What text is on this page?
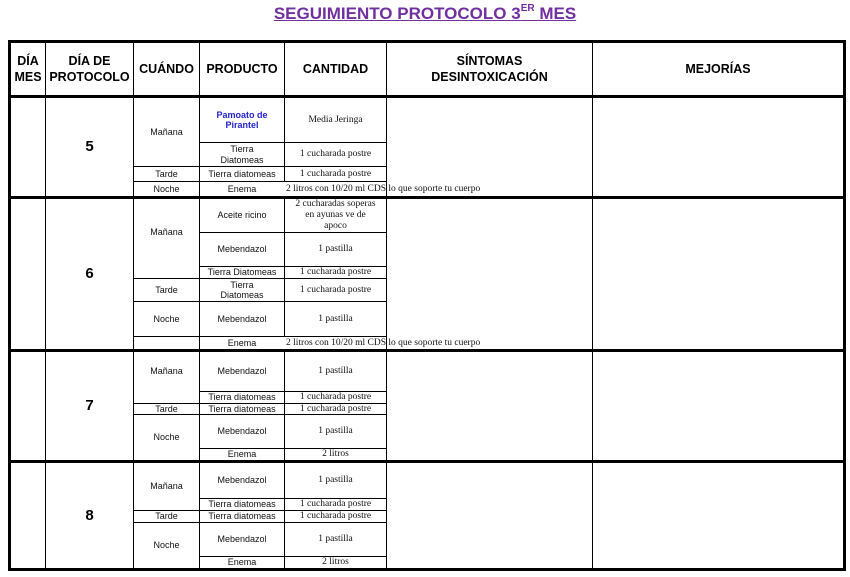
SEGUIMIENTO PROTOCOLO 3ER MES
DÍA MES
DÍA DE PROTOCOLO
CUÁNDO PRODUCTO	CANTIDAD
SÍNTOMAS DESINTOXICACIÓN
MEJORÍAS
5
Mañana
Tarde
Noche
Pamoato de Pirantel
Tierra Diatomeas
Tierra diatomeas
Enema
Media Jeringa
1 cucharada postre
1 cucharada postre
2 litros con 10/20 ml CDS lo que soporte tu cuerpo
6
Mañana
Tarde
Noche
Aceite ricino
Mebendazol
Tierra Diatomeas
Tierra Diatomeas
Mebendazol
Enema
2 cucharadas soperas en ayunas ve de apoco
1 pastilla
1 cucharada postre
1 cucharada postre
1 pastilla
2 litros con 10/20 ml CDS lo que soporte tu cuerpo
7
Mañana
Tarde
Noche
Mebendazol
Tierra diatomeas
Tierra diatomeas
Mebendazol
Enema
1 pastilla
1 cucharada postre
1 cucharada postre
1 pastilla
2 litros
8
Mañana
Tarde
Noche
Mebendazol
Tierra diatomeas
Tierra diatomeas
Mebendazol
Enema
1 pastilla
1 cucharada postre
1 cucharada postre
1 pastilla
2 litros
